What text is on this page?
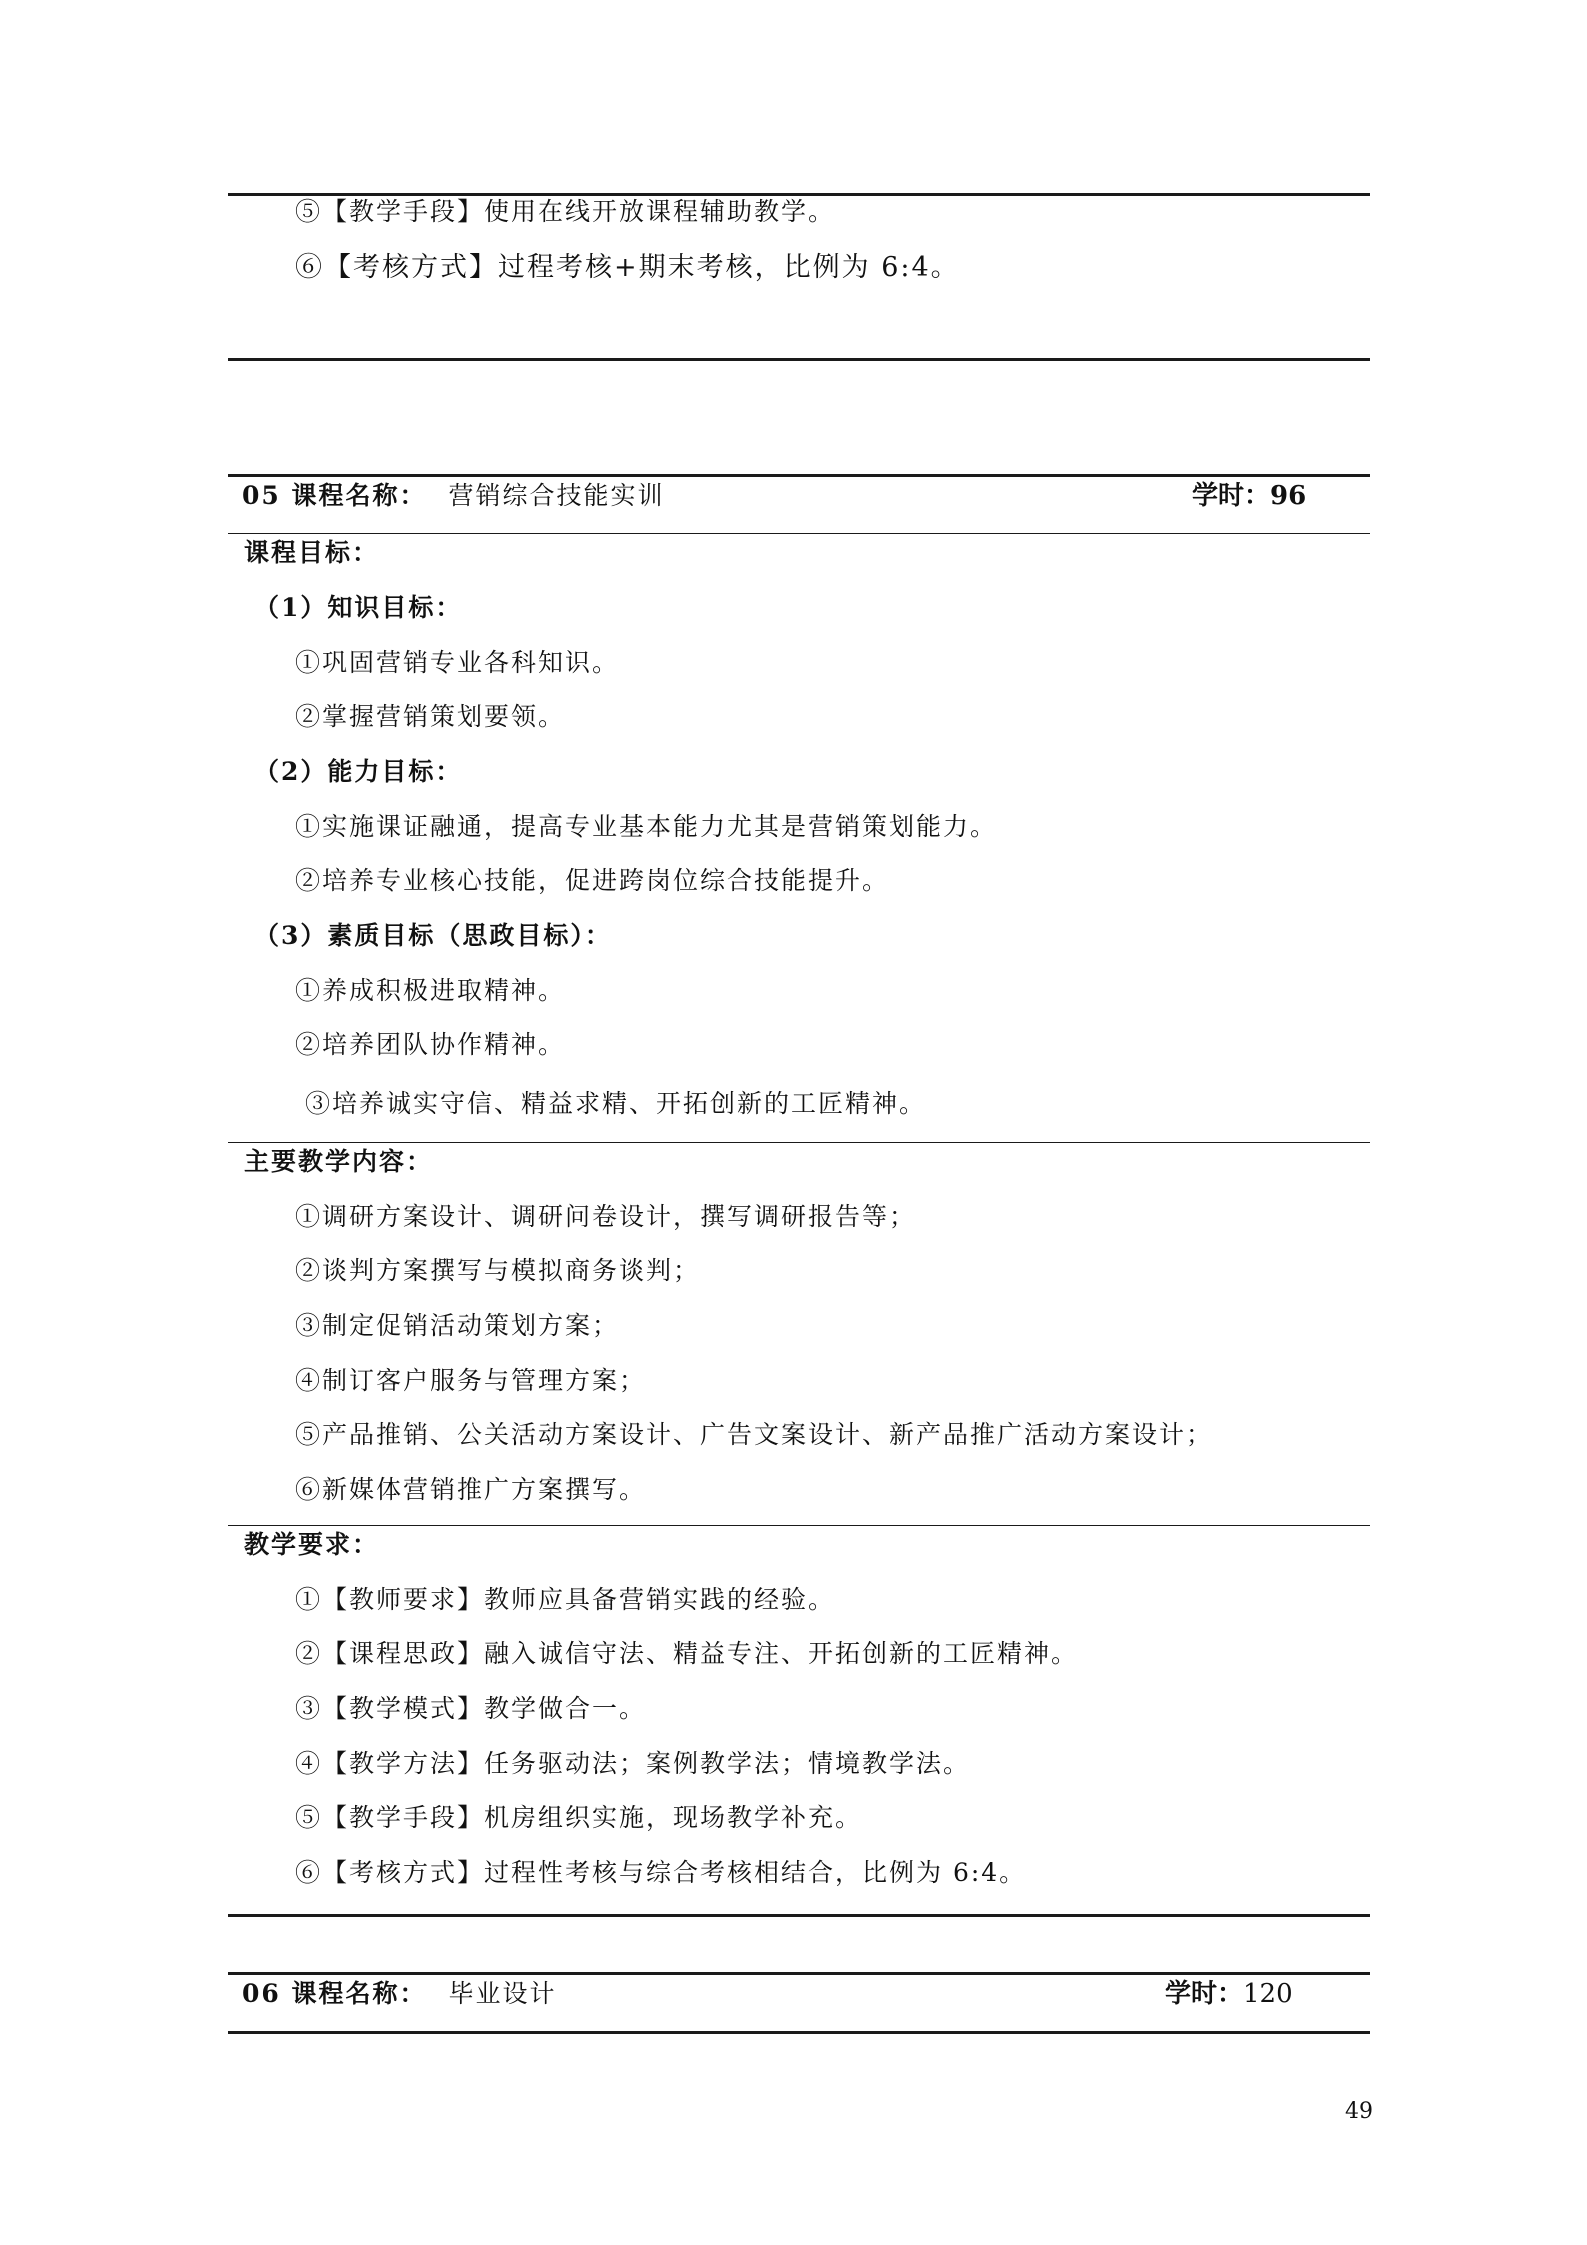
⑤【教学手段】使用在线开放课程辅助教学。
⑥【考核方式】过程考核+期末考核，比例为 6:4。
05 课程名称： 营销综合技能实训	学时：96
课程目标：
（1）知识目标：
①巩固营销专业各科知识。
②掌握营销策划要领。
（2）能力目标：
①实施课证融通，提高专业基本能力尤其是营销策划能力。
②培养专业核心技能，促进跨岗位综合技能提升。
（3）素质目标（思政目标）：
①养成积极进取精神。
②培养团队协作精神。
③培养诚实守信、精益求精、开拓创新的工匠精神。
主要教学内容：
①调研方案设计、调研问卷设计，撰写调研报告等；
②谈判方案撰写与模拟商务谈判；
③制定促销活动策划方案；
④制订客户服务与管理方案；
⑤产品推销、公关活动方案设计、广告文案设计、新产品推广活动方案设计；
⑥新媒体营销推广方案撰写。
教学要求：
①【教师要求】教师应具备营销实践的经验。
②【课程思政】融入诚信守法、精益专注、开拓创新的工匠精神。
③【教学模式】教学做合一。
④【教学方法】任务驱动法；案例教学法；情境教学法。
⑤【教学手段】机房组织实施，现场教学补充。
⑥【考核方式】过程性考核与综合考核相结合，比例为 6:4。
06 课程名称： 毕业设计	学时：120
49
